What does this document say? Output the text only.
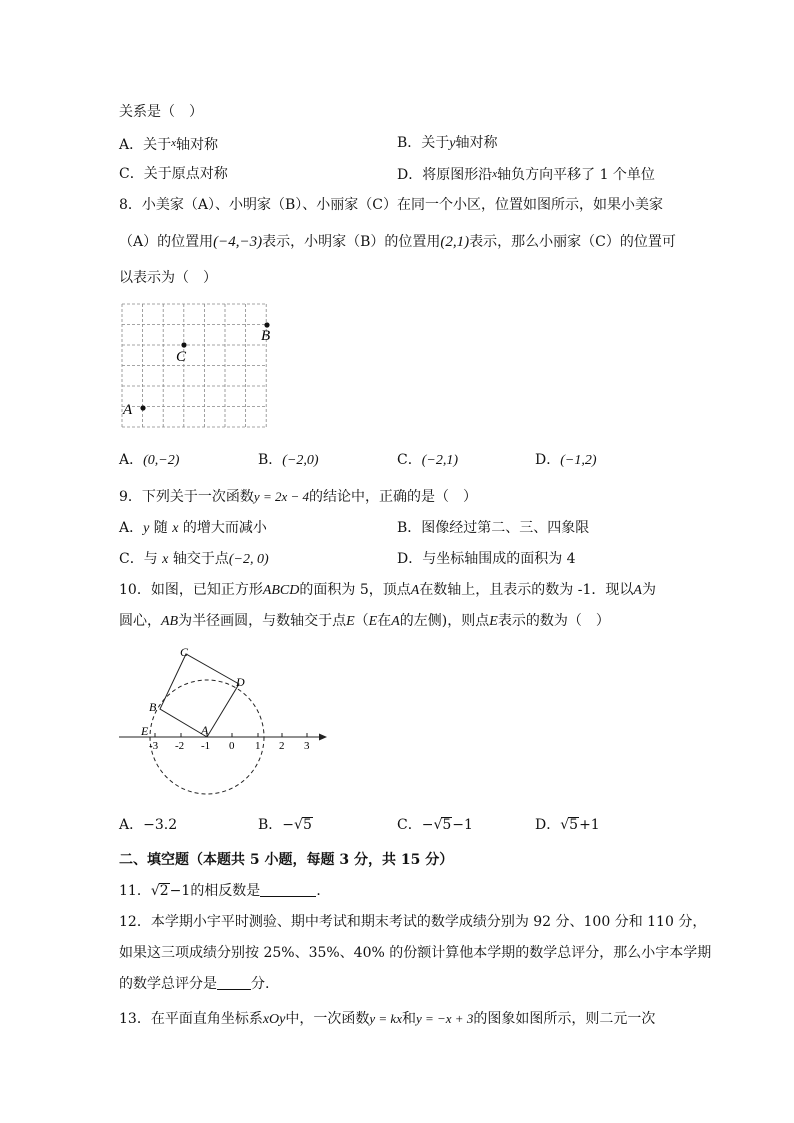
关系是（　）
A．关于$^x$轴对称	B．关于y轴对称
C．关于原点对称	D．将原图形沿x轴负方向平移了 1 个单位
8．小美家（A）、小明家（B）、小丽家（C）在同一个小区，位置如图所示，如果小美家
（A）的位置用(−4,−3)表示，小明家（B）的位置用(2,1)表示，那么小丽家（C）的位置可
以表示为（　）
B
C
A
A．(0,−2)	B．(−2,0)	C．(−2,1)	D．(−1,2)
9．下列关于一次函数y = 2x − 4的结论中，正确的是（　）
A．y 随 x 的增大而减小	B．图像经过第二、三、四象限
C．与 x 轴交于点(−2, 0)	D．与坐标轴围成的面积为 4
10．如图，已知正方形ABCD的面积为 5，顶点A在数轴上，且表示的数为 -1．现以A为
圆心，AB为半径画圆，与数轴交于点E（E在A的左侧)，则点E表示的数为（　）
A
B
C
D
E
-3 -2 -1 0 1 2 3
A．−3.2	B．−√5	C．−√5−1	D．√5+1
二、填空题（本题共 5 小题，每题 3 分，共 15 分）
11．√2−1的相反数是	．
12．本学期小宇平时测验、期中考试和期末考试的数学成绩分别为 92 分、100 分和 110 分，
如果这三项成绩分别按 25%、35%、40% 的份额计算他本学期的数学总评分，那么小宇本学期
的数学总评分是 分.
13．在平面直角坐标系xOy中，一次函数y = kx和y = −x + 3的图象如图所示，则二元一次
